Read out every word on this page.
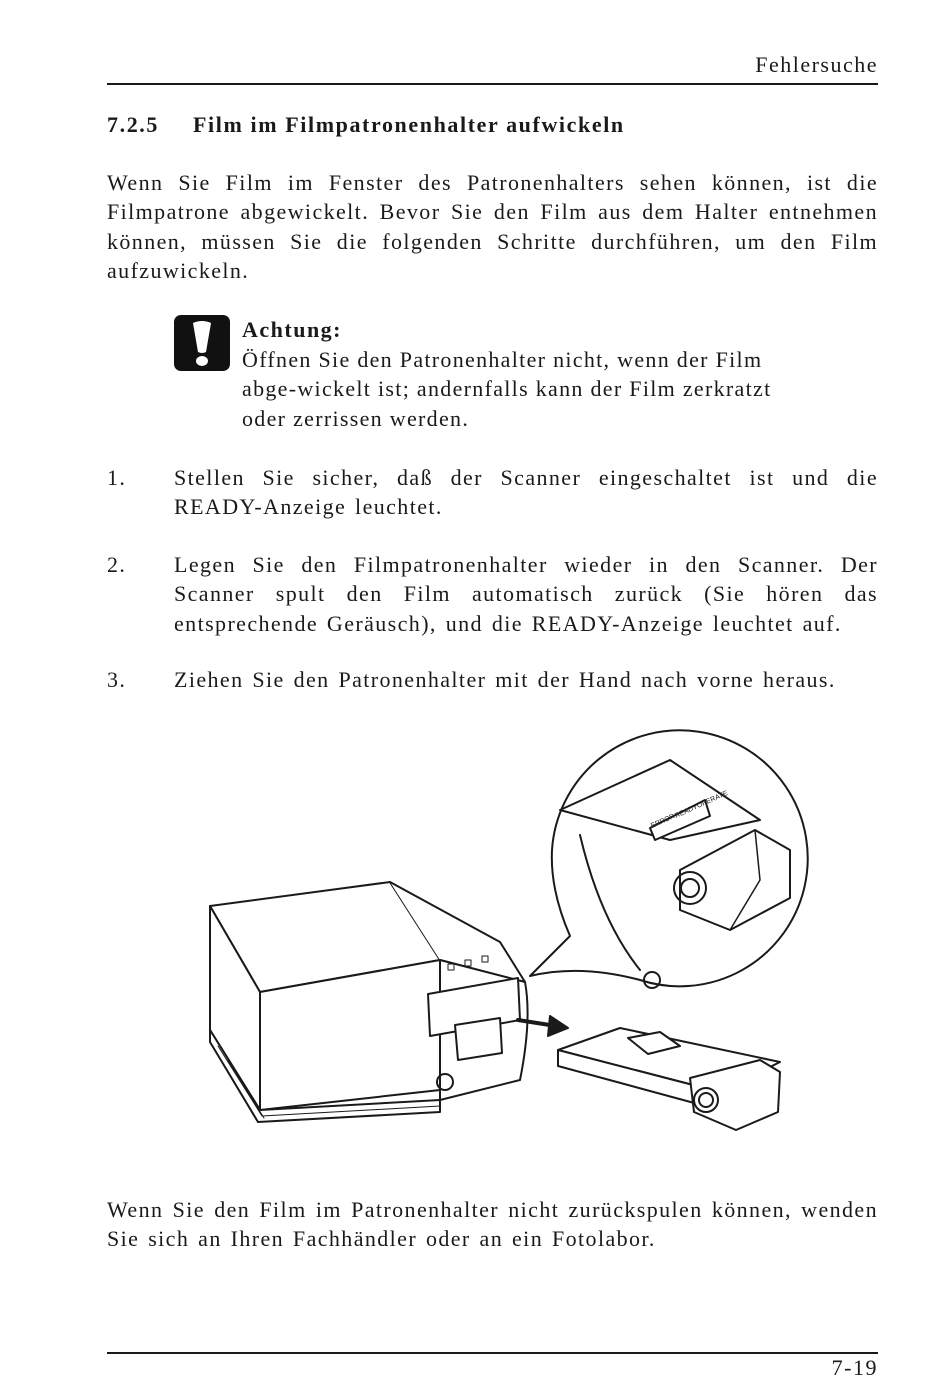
Fehlersuche
7.2.5 Film im Filmpatronenhalter aufwickeln
Wenn Sie Film im Fenster des Patronenhalters sehen können, ist die Filmpatrone abgewickelt. Bevor Sie den Film aus dem Halter entnehmen können, müssen Sie die folgenden Schritte durchführen, um den Film aufzuwickeln.
Achtung:
Öffnen Sie den Patronenhalter nicht, wenn der Film
abge-wickelt ist; andernfalls kann der Film zerkratzt
oder zerrissen werden.
1. Stellen Sie sicher, daß der Scanner eingeschaltet ist und die READY-Anzeige leuchtet.
2. Legen Sie den Filmpatronenhalter wieder in den Scanner. Der Scanner spult den Film automatisch zurück (Sie hören das entsprechende Geräusch), und die READY-Anzeige leuchtet auf.
3. Ziehen Sie den Patronenhalter mit der Hand nach vorne heraus.
ERROR
READY
OPERATE
Wenn Sie den Film im Patronenhalter nicht zurückspulen können, wenden Sie sich an Ihren Fachhändler oder an ein Fotolabor.
7-19
